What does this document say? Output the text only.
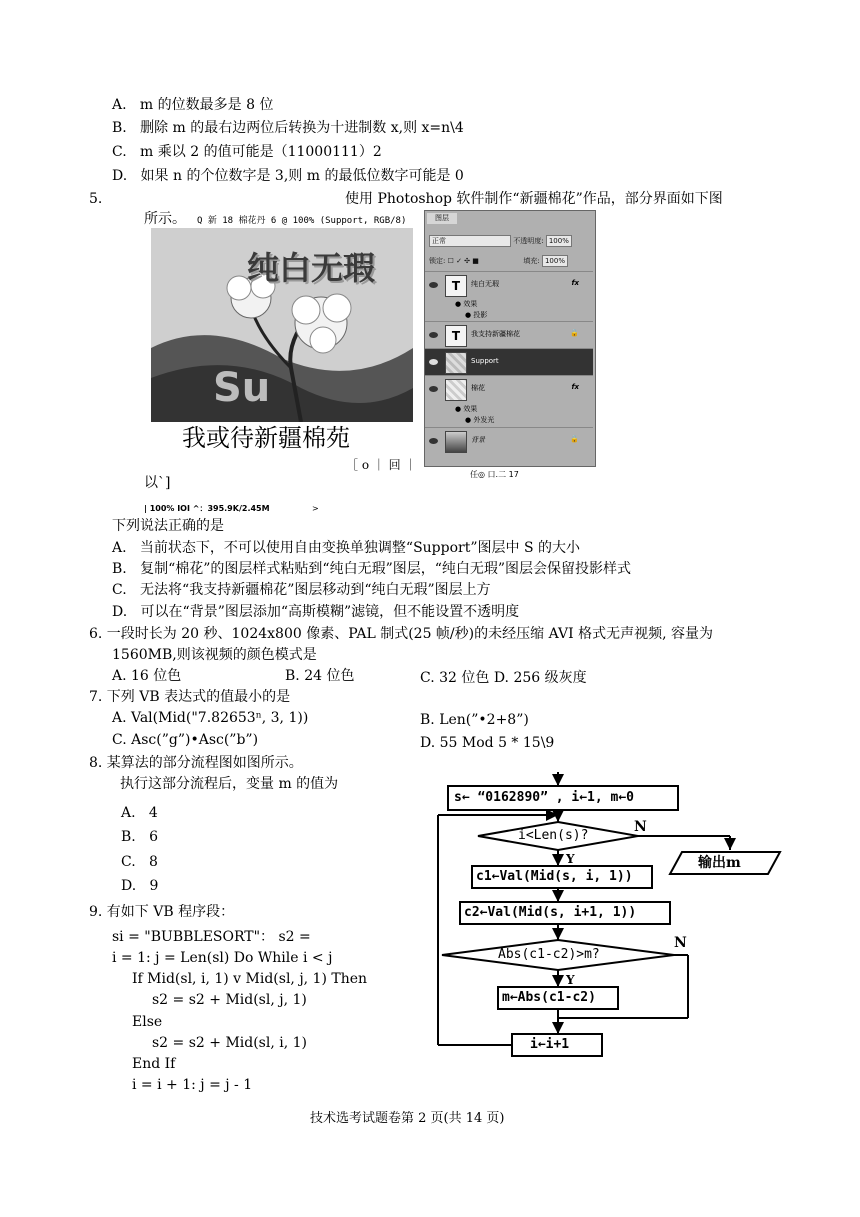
A. m 的位数最多是 8 位
B. 删除 m 的最右边两位后转换为十进制数 x,则 x=n\4
C. m 乘以 2 的值可能是（11000111）2
D. 如果 n 的个位数字是 3,则 m 的最低位数字可能是 0
5.	使用 Photoshop 软件制作“新疆棉花”作品，部分界面如下图
所示。 Q 新 18 棉花丹 6 @ 100% (Support, RGB/8)
纯白无瑕
Su
我或待新疆棉苑
［ o ｜ 回 ｜
以`]
| 100% IOI ^：395.9K/2.45M	>
图层
正常	不透明度: 100%
锁定: ☐ ✓ ✣ ■	填充: 100%
T	纯白无瑕	fx
● 效果
● 投影
T	我支持新疆棉花	🔒
Support
棉花	fx
● 效果
● 外发光
背景	🔒
任◎ 口.二 17
下列说法正确的是
A. 当前状态下，不可以使用自由变换单独调整“Support”图层中 S 的大小
B. 复制“棉花”的图层样式粘贴到“纯白无瑕”图层，“纯白无瑕”图层会保留投影样式
C. 无法将“我支持新疆棉花”图层移动到“纯白无瑕”图层上方
D. 可以在“背景”图层添加“高斯模糊”滤镜，但不能设置不透明度
6. 一段时长为 20 秒、1024x800 像素、PAL 制式(25 帧/秒)的未经压缩 AVI 格式无声视频, 容量为
1560MB,则该视频的颜色模式是
A. 16 位色	B. 24 位色	C. 32 位色 D. 256 级灰度
7. 下列 VB 表达式的值最小的是
A. Val(Mid("7.82653ⁿ, 3, 1))	B. Len(”•2+8”)
C. Asc(”g”)•Asc(”b”)	D. 55 Mod 5 * 15\9
8. 某算法的部分流程图如图所示。
执行这部分流程后，变量 m 的值为
A. 4
B. 6
C. 8
D. 9
s← “0162890” , i←1, m←0
i<Len(s)?
N
Y	输出m
c1←Val(Mid(s, i, 1))
c2←Val(Mid(s, i+1, 1))
Abs(c1-c2)>m?
N
Y
m←Abs(c1-c2)
i←i+1
9. 有如下 VB 程序段：
si = "BUBBLESORT"： s2 =
i = 1: j = Len(sl) Do While i < j
If Mid(sl, i, 1) v Mid(sl, j, 1) Then
s2 = s2 + Mid(sl, j, 1)
Else
s2 = s2 + Mid(sl, i, 1)
End If
i = i + 1: j = j - 1
技术选考试题卷第 2 页(共 14 页)
